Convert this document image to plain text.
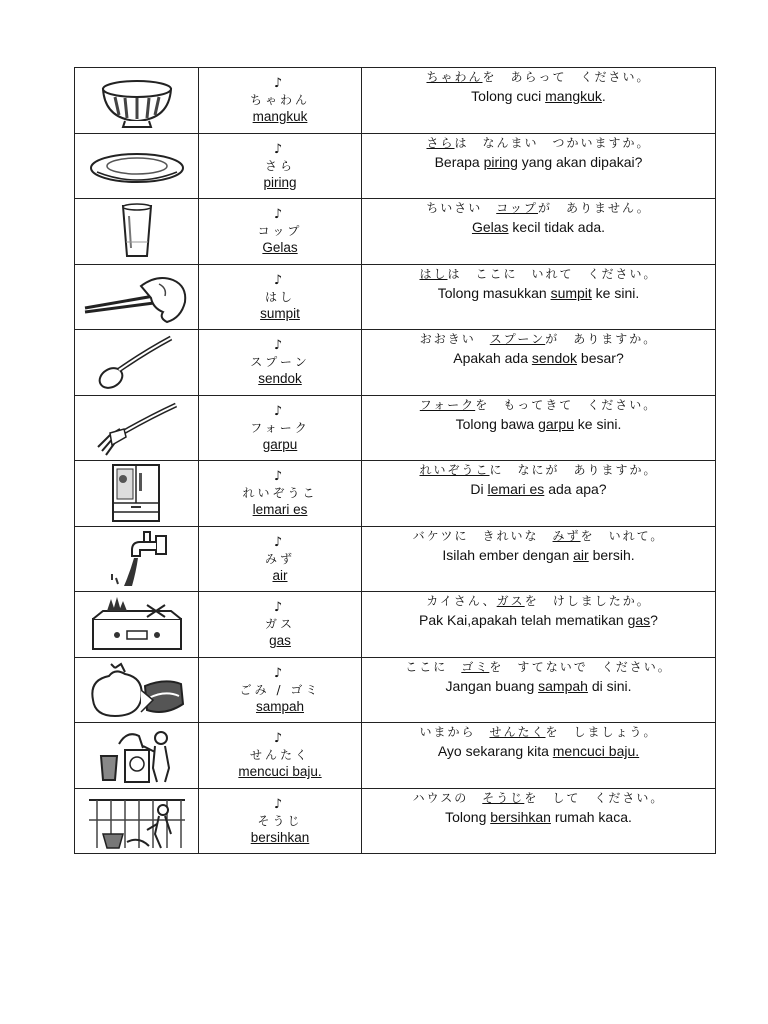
♪
ちゃわん
mangkuk	ちゃわんを　あらって　ください。
Tolong cuci mangkuk.

♪
さら
piring	さらは　なんまい　つかいますか。
Berapa piring yang akan dipakai?

♪
コップ
Gelas	ちいさい　コップが　ありません。
Gelas kecil tidak ada.

♪
はし
sumpit	はしは　ここに　いれて　ください。
Tolong masukkan sumpit ke sini.

♪
スプーン
sendok	おおきい　スプーンが　ありますか。
Apakah ada sendok besar?

♪
フォーク
garpu	フォークを　もってきて　ください。
Tolong bawa garpu ke sini.

♪
れいぞうこ
lemari es	れいぞうこに　なにが　ありますか。
Di lemari es ada apa?

♪
みず
air	バケツに　きれいな　みずを　いれて。
Isilah ember dengan air bersih.

♪
ガス
gas	カイさん、ガスを　けしましたか。
Pak Kai,apakah telah mematikan gas?

♪
ごみ / ゴミ
sampah	ここに　ゴミを　すてないで　ください。
Jangan buang sampah di sini.

♪
せんたく
mencuci baju.	いまから　せんたくを　しましょう。
Ayo sekarang kita mencuci baju.

♪
そうじ
bersihkan	ハウスの　そうじを　して　ください。
Tolong bersihkan rumah kaca.
